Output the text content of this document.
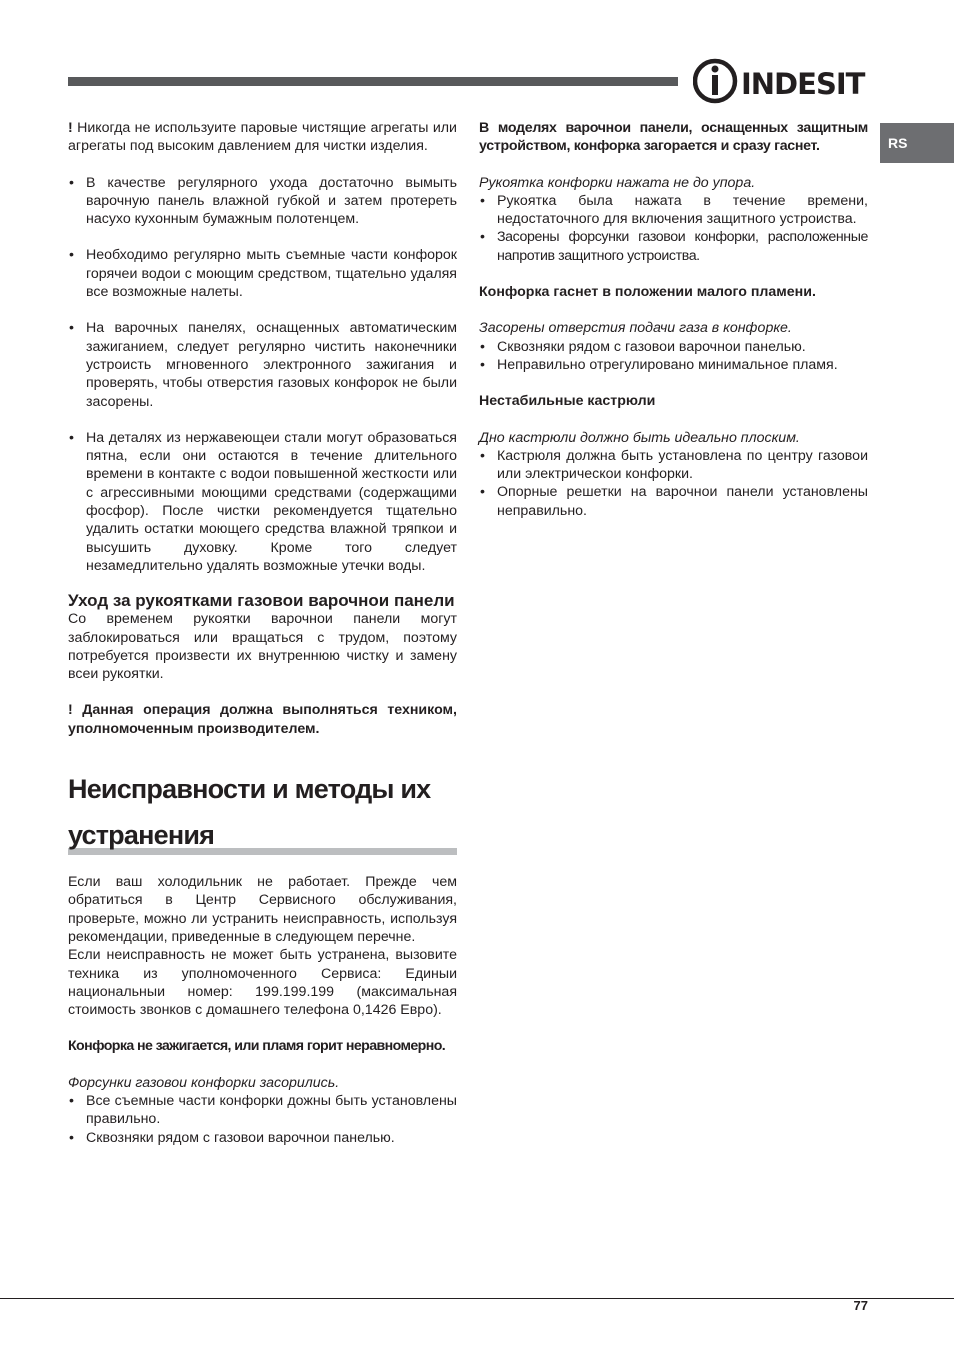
INDESIT
RS

! Никогда не используите паровые чистящие агрегаты или агрегаты под высоким давлением для чистки изделия.

• В качестве регулярного ухода достаточно вымыть варочную панель влажной губкой и затем протереть насухо кухонным бумажным полотенцем.
• Необходимо регулярно мыть съемные части конфорок горячеи водои с моющим средством, тщательно удаляя все возможные налеты.
• На варочных панелях, оснащенных автоматическим зажиганием, следует регулярно чистить наконечники устроисть мгновенного электронного зажигания и проверять, чтобы отверстия газовых конфорок не были засорены.
• На деталях из нержавеющеи стали могут образоваться пятна, если они остаются в течение длительного времени в контакте с водои повышенной жесткости или с агрессивными моющими средствами (содержащими фосфор). После чистки рекомендуется тщательно удалить остатки моющего средства влажной тряпкои и высушить духовку. Кроме того следует незамедлительно удалять возможные утечки воды.
Уход за рукоятками газовои варочнои панели

Со временем рукоятки варочнои панели могут заблокироваться или вращаться с трудом, поэтому потребуется произвести их внутреннюю чистку и замену всеи рукоятки.

! Данная операция должна выполняться техником, уполномоченным производителем.

Неисправности и методы их устранения

Если ваш холодильник не работает. Прежде чем обратиться в Центр Сервисного обслуживания, проверьте, можно ли устранить неисправность, используя рекомендации, приведенные в следующем перечне.

Если неисправность не может быть устранена, вызовите техника из уполномоченного Сервиса: Единыи национальныи номер: 199.199.199 (максимальная стоимость звонков с домашнего телефона 0,1426 Евро).

Конфорка не зажигается, или пламя горит неравномерно.

Форсунки газовои конфорки засорились.

• Все съемные части конфорки дожны быть установлены правильно.
• Сквозняки рядом с газовои варочнои панелью.

В моделях варочнои панели, оснащенных защитным устройством, конфорка загорается и сразу гаснет.

Рукоятка конфорки нажата не до упора.

• Рукоятка была нажата в течение времени, недостаточного для включения защитного устроиства.
• Засорены форсунки газовои конфорки, расположенные напротив защитного устроиства.

Конфорка гаснет в положении малого пламени.

Засорены отверстия подачи газа в конфорке.

• Сквозняки рядом с газовои варочнои панелью.
• Неправильно отрегулировано минимальное пламя.

Нестабильные кастрюли

Дно кастрюли должно быть идеально плоским.

• Кастрюля должна быть установлена по центру газовои или электрическои конфорки.
• Опорные решетки на варочнои панели установлены неправильно.
77
